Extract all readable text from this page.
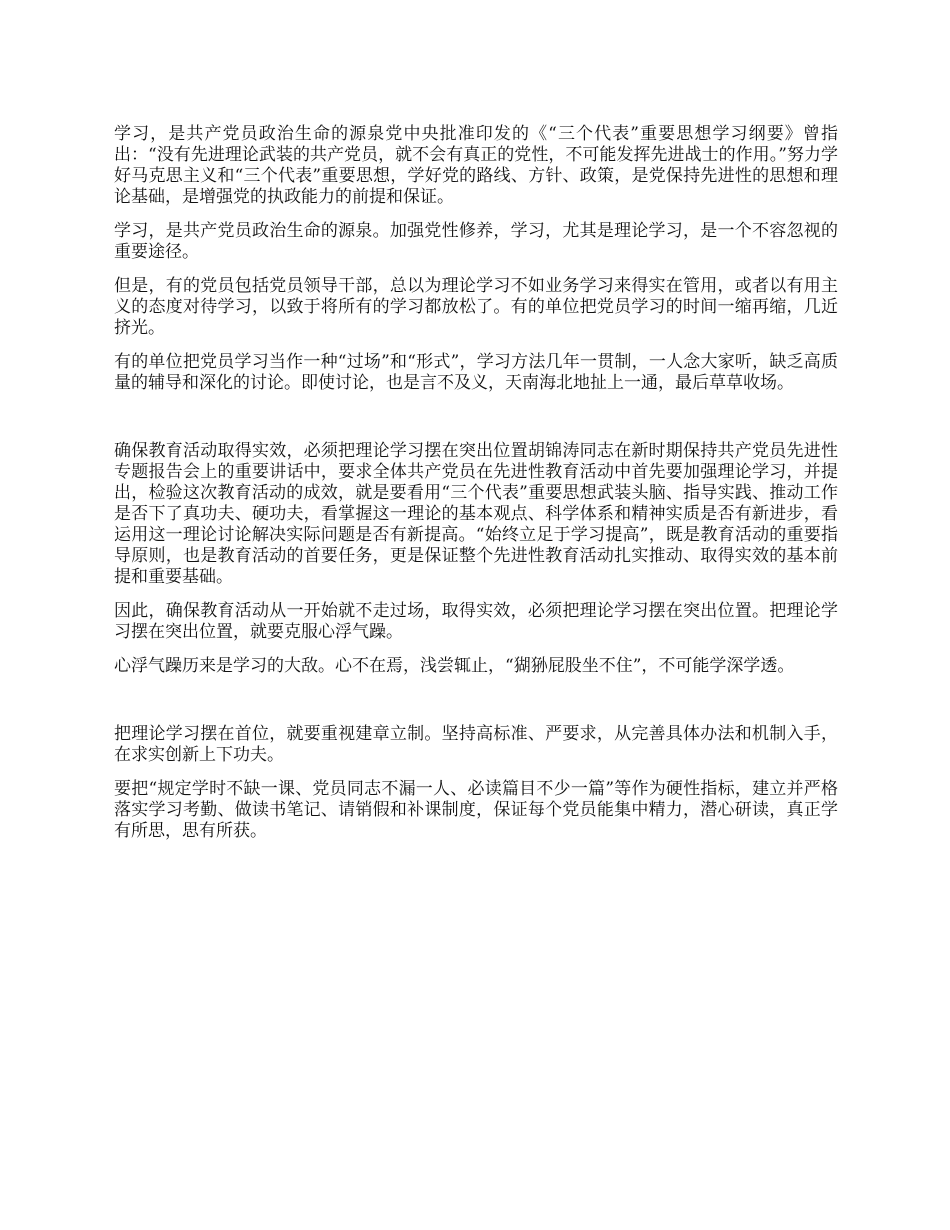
学习，是共产党员政治生命的源泉党中央批准印发的《“三个代表”重要思想学习纲要》曾指出：“没有先进理论武装的共产党员，就不会有真正的党性，不可能发挥先进战士的作用。”努力学好马克思主义和“三个代表”重要思想，学好党的路线、方针、政策，是党保持先进性的思想和理论基础，是增强党的执政能力的前提和保证。

学习，是共产党员政治生命的源泉。加强党性修养，学习，尤其是理论学习，是一个不容忽视的重要途径。

但是，有的党员包括党员领导干部，总以为理论学习不如业务学习来得实在管用，或者以有用主义的态度对待学习，以致于将所有的学习都放松了。有的单位把党员学习的时间一缩再缩，几近挤光。

有的单位把党员学习当作一种“过场”和“形式”，学习方法几年一贯制，一人念大家听，缺乏高质量的辅导和深化的讨论。即使讨论，也是言不及义，天南海北地扯上一通，最后草草收场。

确保教育活动取得实效，必须把理论学习摆在突出位置胡锦涛同志在新时期保持共产党员先进性专题报告会上的重要讲话中，要求全体共产党员在先进性教育活动中首先要加强理论学习，并提出，检验这次教育活动的成效，就是要看用“三个代表”重要思想武装头脑、指导实践、推动工作是否下了真功夫、硬功夫，看掌握这一理论的基本观点、科学体系和精神实质是否有新进步，看运用这一理论讨论解决实际问题是否有新提高。“始终立足于学习提高”，既是教育活动的重要指导原则，也是教育活动的首要任务，更是保证整个先进性教育活动扎实推动、取得实效的基本前提和重要基础。

因此，确保教育活动从一开始就不走过场，取得实效，必须把理论学习摆在突出位置。把理论学习摆在突出位置，就要克服心浮气躁。

心浮气躁历来是学习的大敌。心不在焉，浅尝辄止，“猢狲屁股坐不住”，不可能学深学透。

把理论学习摆在首位，就要重视建章立制。坚持高标准、严要求，从完善具体办法和机制入手，在求实创新上下功夫。

要把“规定学时不缺一课、党员同志不漏一人、必读篇目不少一篇”等作为硬性指标，建立并严格落实学习考勤、做读书笔记、请销假和补课制度，保证每个党员能集中精力，潜心研读，真正学有所思，思有所获。
